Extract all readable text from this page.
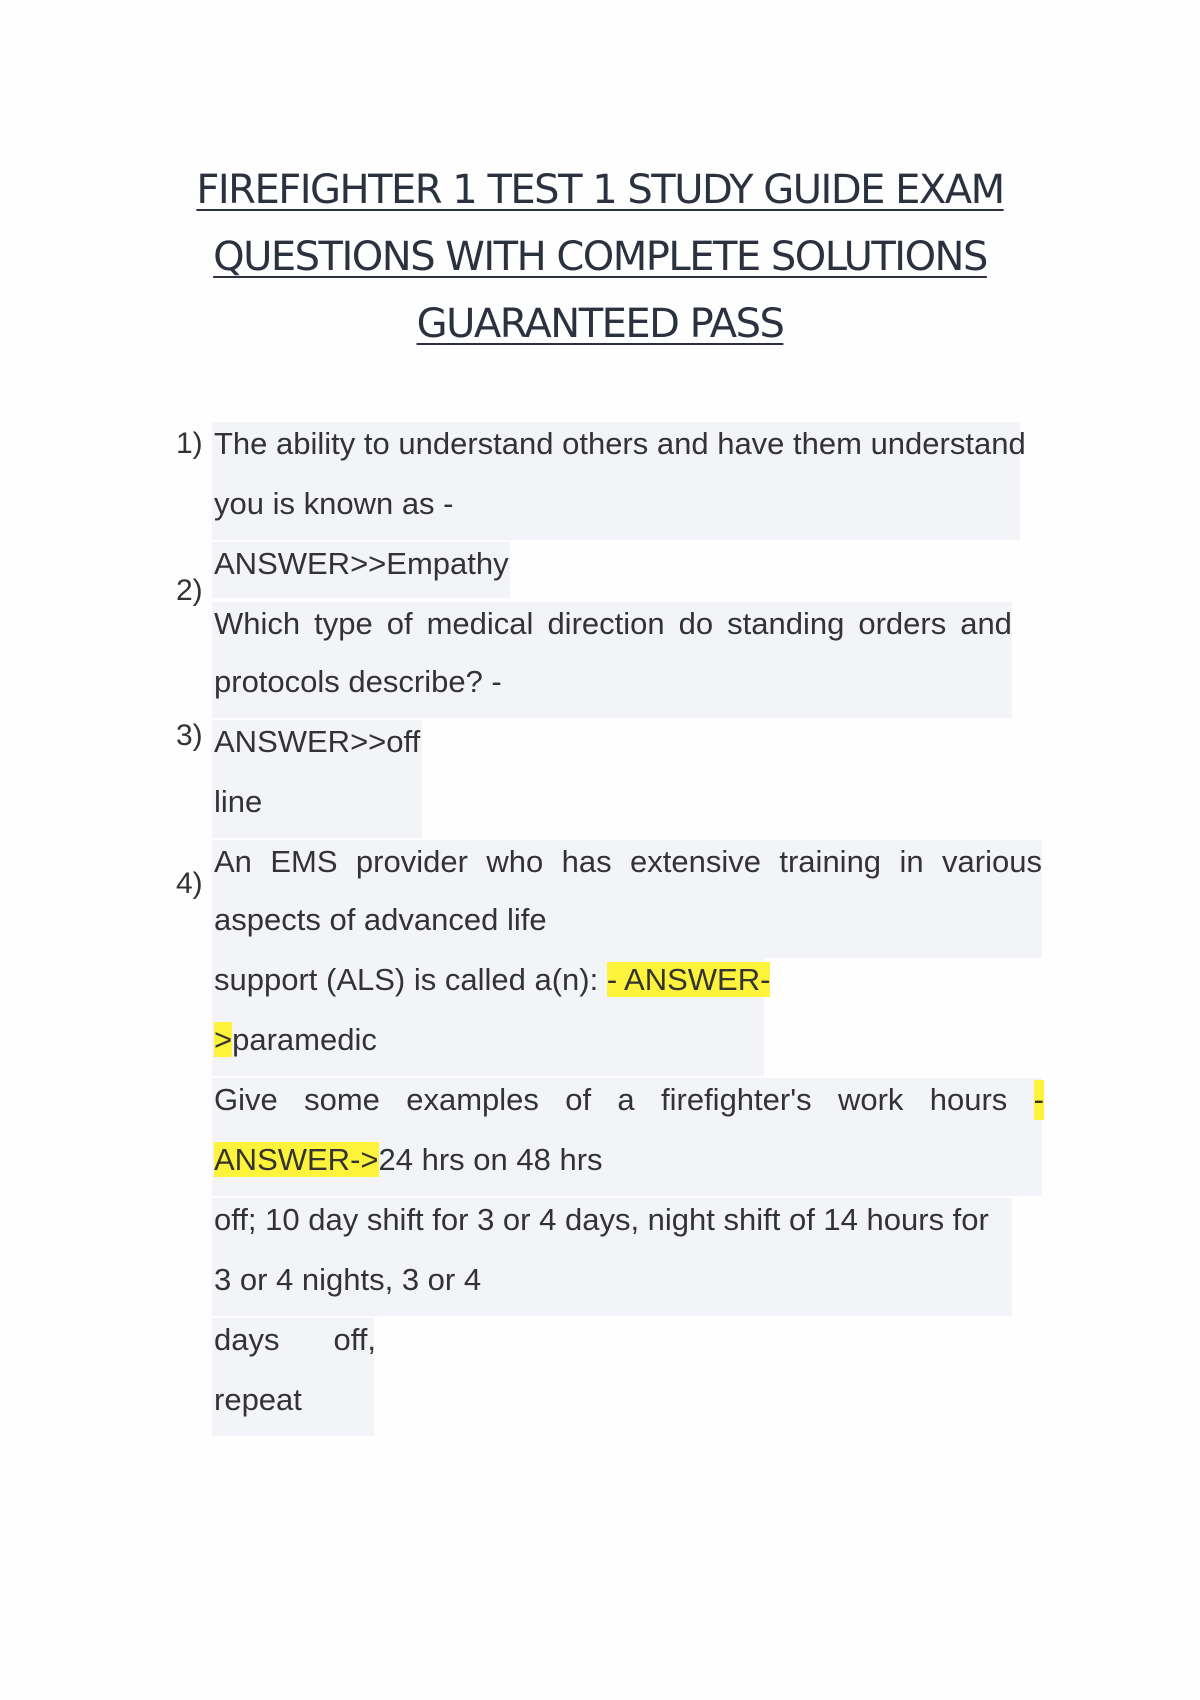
FIREFIGHTER 1 TEST 1 STUDY GUIDE EXAM
QUESTIONS WITH COMPLETE SOLUTIONS
GUARANTEED PASS
1)
2)
3)
4)
The ability to understand others and have them understand
you is known as -
ANSWER>>Empathy
Which type of medical direction do standing orders and
protocols describe? -
ANSWER>>off
line
An EMS provider who has extensive training in various
aspects of advanced life
support (ALS) is called a(n): - ANSWER-
>paramedic
Give some examples of a firefighter's work hours -
ANSWER->24 hrs on 48 hrs
off; 10 day shift for 3 or 4 days, night shift of 14 hours for
3 or 4 nights, 3 or 4
days off,
repeat
